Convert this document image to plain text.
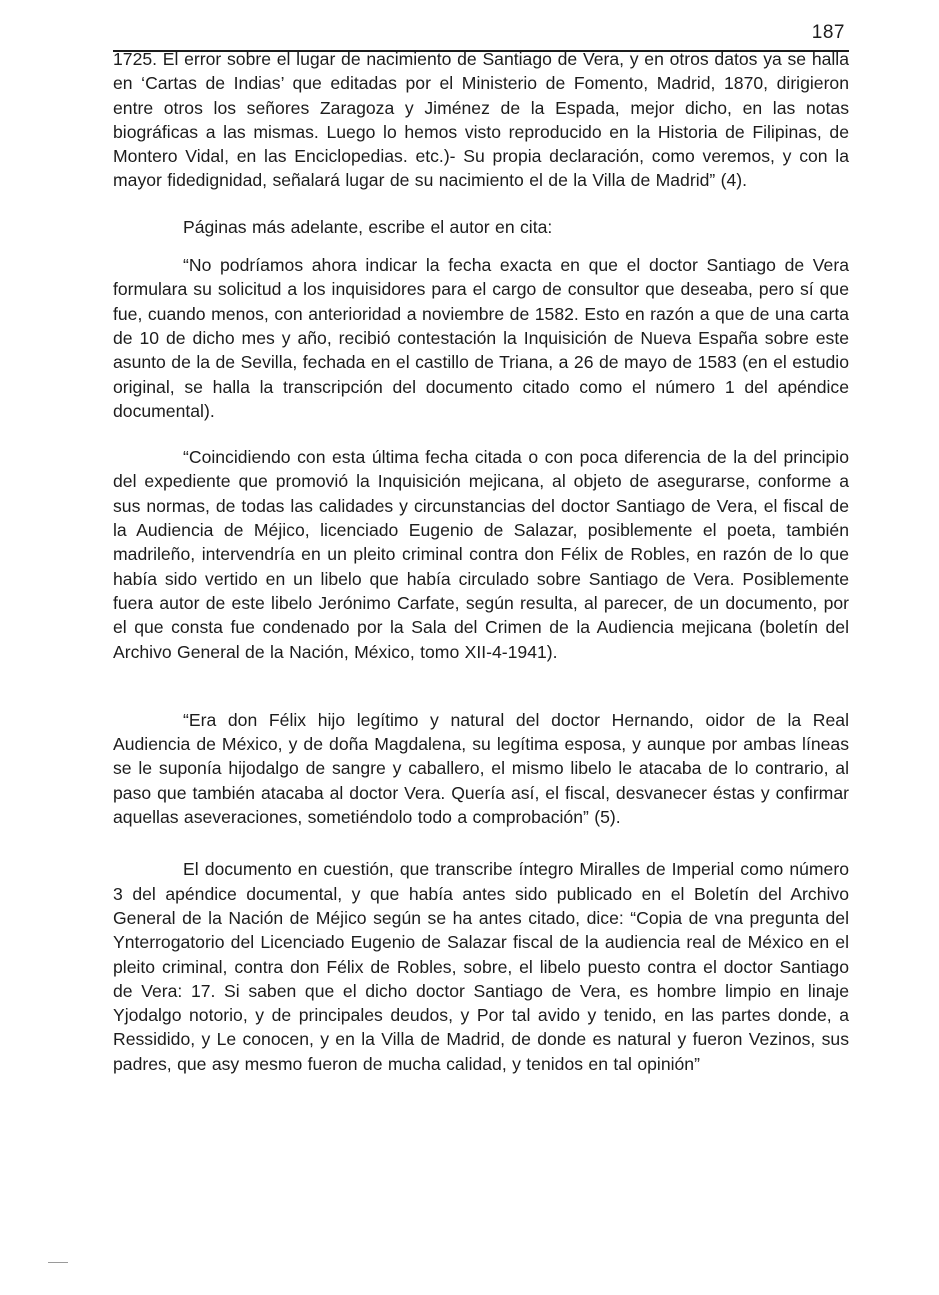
187

1725. El error sobre el lugar de nacimiento de Santiago de Vera, y en otros datos ya se halla en ‘Cartas de Indias’ que editadas por el Ministerio de Fomento, Madrid, 1870, dirigieron entre otros los señores Zaragoza y Jiménez de la Espada, mejor dicho, en las notas biográficas a las mismas. Luego lo hemos visto reproducido en la Historia de Filipinas, de Montero Vidal, en las Enciclopedias. etc.)- Su propia declaración, como veremos, y con la mayor fidedignidad, señalará lugar de su nacimiento el de la Villa de Madrid” (4).

Páginas más adelante, escribe el autor en cita:

“No podríamos ahora indicar la fecha exacta en que el doctor Santiago de Vera formulara su solicitud a los inquisidores para el cargo de consultor que deseaba, pero sí que fue, cuando menos, con anterioridad a noviembre de 1582. Esto en razón a que de una carta de 10 de dicho mes y año, recibió contestación la Inquisición de Nueva España sobre este asunto de la de Sevilla, fechada en el castillo de Triana, a 26 de mayo de 1583 (en el estudio original, se halla la transcripción del documento citado como el número 1 del apéndice documental).

“Coincidiendo con esta última fecha citada o con poca diferencia de la del principio del expediente que promovió la Inquisición mejicana, al objeto de asegurarse, conforme a sus normas, de todas las calidades y circunstancias del doctor Santiago de Vera, el fiscal de la Audiencia de Méjico, licenciado Eugenio de Salazar, posiblemente el poeta, también madrileño, intervendría en un pleito criminal contra don Félix de Robles, en razón de lo que había sido vertido en un libelo que había circulado sobre Santiago de Vera. Posiblemente fuera autor de este libelo Jerónimo Carfate, según resulta, al parecer, de un documento, por el que consta fue condenado por la Sala del Crimen de la Audiencia mejicana (boletín del Archivo General de la Nación, México, tomo XII-4-1941).

“Era don Félix hijo legítimo y natural del doctor Hernando, oidor de la Real Audiencia de México, y de doña Magdalena, su legítima esposa, y aunque por ambas líneas se le suponía hijodalgo de sangre y caballero, el mismo libelo le atacaba de lo contrario, al paso que también atacaba al doctor Vera. Quería así, el fiscal, desvanecer éstas y confirmar aquellas aseveraciones, sometiéndolo todo a comprobación” (5).

El documento en cuestión, que transcribe íntegro Miralles de Imperial como número 3 del apéndice documental, y que había antes sido publicado en el Boletín del Archivo General de la Nación de Méjico según se ha antes citado, dice: “Copia de vna pregunta del Ynterrogatorio del Licenciado Eugenio de Salazar fiscal de la audiencia real de México en el pleito criminal, contra don Félix de Robles, sobre, el libelo puesto contra el doctor Santiago de Vera: 17. Si saben que el dicho doctor Santiago de Vera, es hombre limpio en linaje Yjodalgo notorio, y de principales deudos, y Por tal avido y tenido, en las partes donde, a Ressidido, y Le conocen, y en la Villa de Madrid, de donde es natural y fueron Vezinos, sus padres, que asy mesmo fueron de mucha calidad, y tenidos en tal opinión”
